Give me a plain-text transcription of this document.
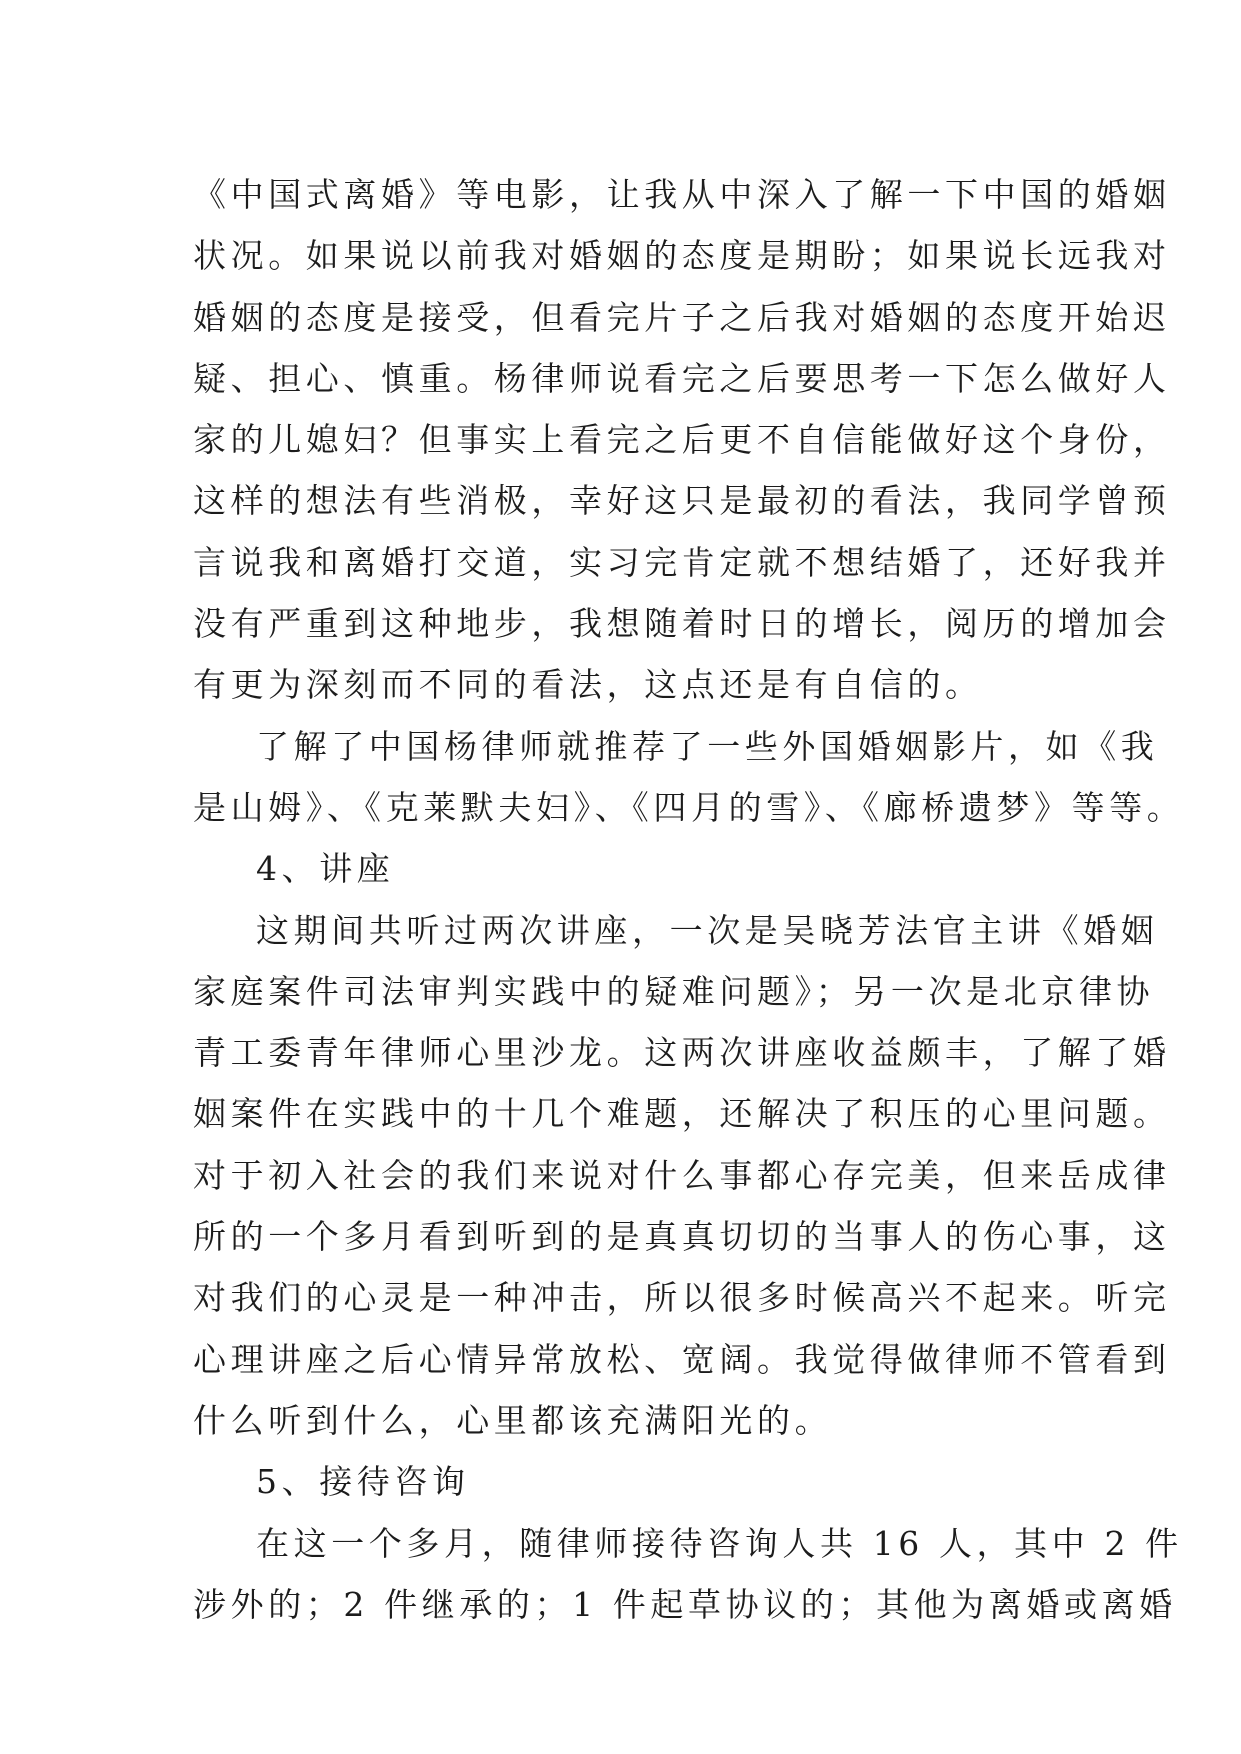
《中国式离婚》等电影，让我从中深入了解一下中国的婚姻
状况。如果说以前我对婚姻的态度是期盼；如果说长远我对
婚姻的态度是接受，但看完片子之后我对婚姻的态度开始迟
疑、担心、慎重。杨律师说看完之后要思考一下怎么做好人
家的儿媳妇？但事实上看完之后更不自信能做好这个身份，
这样的想法有些消极，幸好这只是最初的看法，我同学曾预
言说我和离婚打交道，实习完肯定就不想结婚了，还好我并
没有严重到这种地步，我想随着时日的增长，阅历的增加会
有更为深刻而不同的看法，这点还是有自信的。
了解了中国杨律师就推荐了一些外国婚姻影片，如《我
是山姆》、《克莱默夫妇》、《四月的雪》、《廊桥遗梦》等等。
4、讲座
这期间共听过两次讲座，一次是吴晓芳法官主讲《婚姻
家庭案件司法审判实践中的疑难问题》；另一次是北京律协
青工委青年律师心里沙龙。这两次讲座收益颇丰，了解了婚
姻案件在实践中的十几个难题，还解决了积压的心里问题。
对于初入社会的我们来说对什么事都心存完美，但来岳成律
所的一个多月看到听到的是真真切切的当事人的伤心事，这
对我们的心灵是一种冲击，所以很多时候高兴不起来。听完
心理讲座之后心情异常放松、宽阔。我觉得做律师不管看到
什么听到什么，心里都该充满阳光的。
5、接待咨询
在这一个多月，随律师接待咨询人共 16 人，其中 2 件
涉外的；2 件继承的；1 件起草协议的；其他为离婚或离婚
